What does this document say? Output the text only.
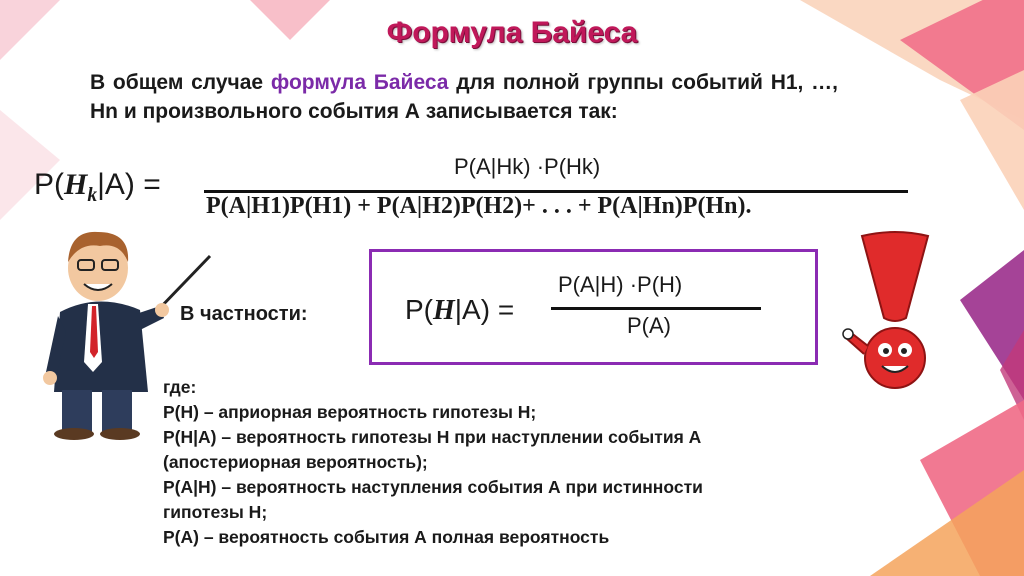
Формула Байеса
В общем случае формула Байеса для полной группы событий Н1, …, Нn и произвольного события А записывается так:
$P(H_k|A)$ =
P(A|Hk) ·P(Hk)
P(A|H1)P(H1) + P(A|H2)P(H2)+ . . . + P(A|Hn)P(Hn).
В частности:	P(H|A) =
P(A|H) ·P(H)
P(A)
где:
P(H) – априорная вероятность гипотезы Н;
P(H|A) – вероятность гипотезы Н при наступлении события А
(апостериорная вероятность);
P(A|H) – вероятность наступления события А при истинности
гипотезы Н;
P(A) – вероятность события А полная вероятность
